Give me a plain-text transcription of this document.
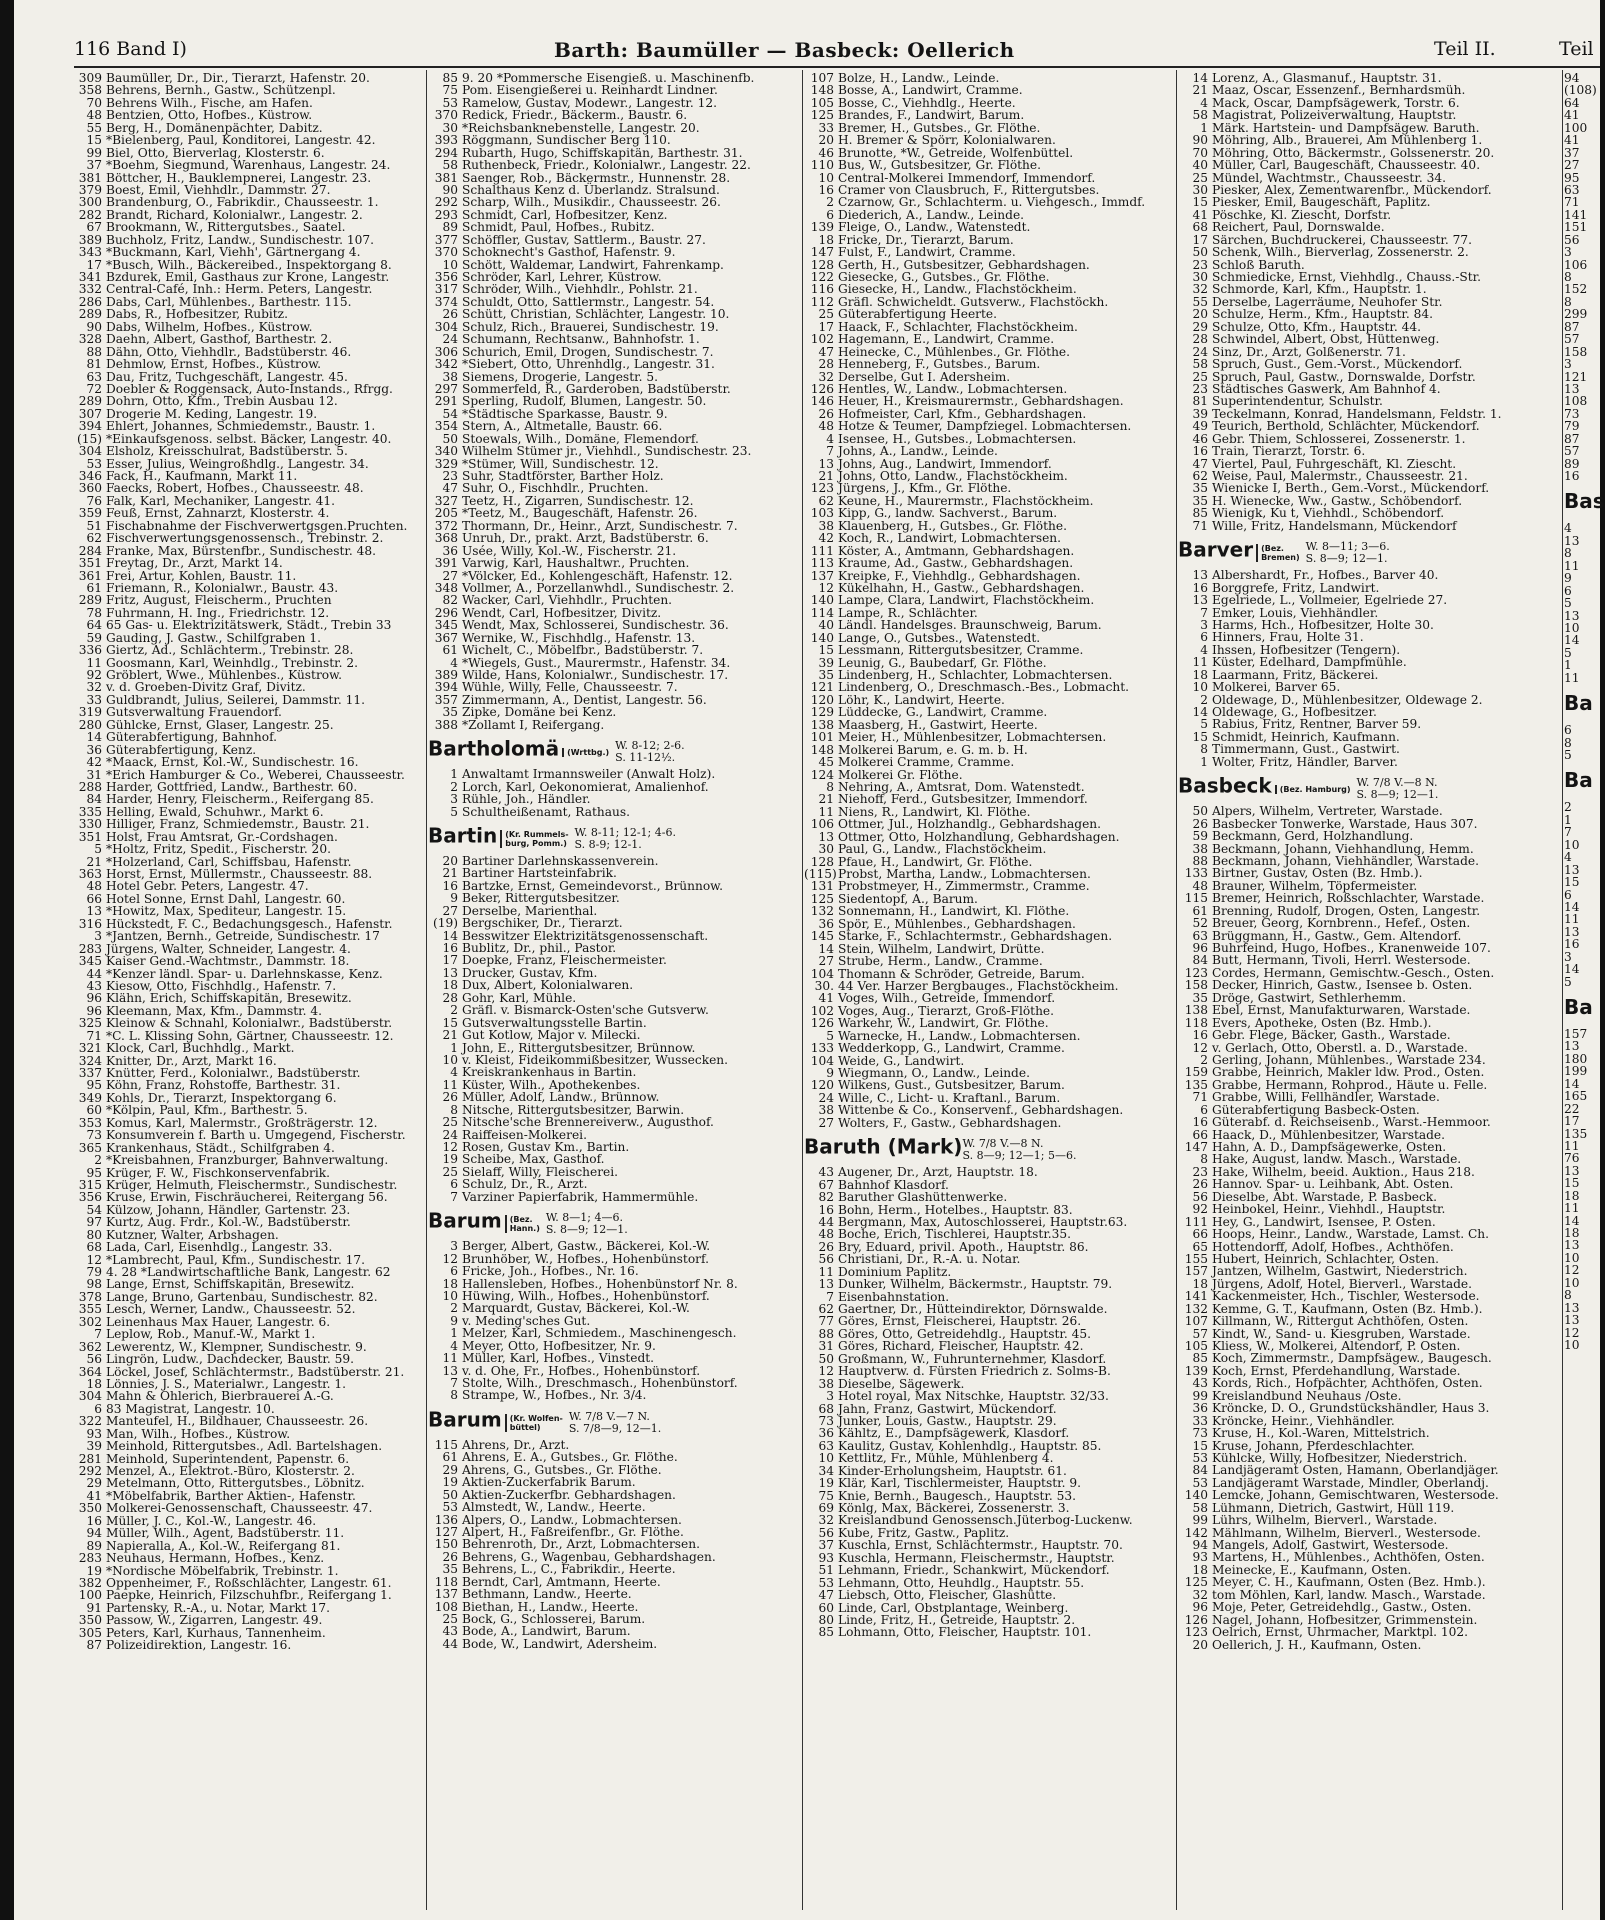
116 Band I)	Barth: Baumüller — Basbeck: Oellerich	Teil II.	Teil
309 Baumüller, Dr., Dir., Tierarzt, Hafenstr. 20.
358 Behrens, Bernh., Gastw., Schützenpl.
70 Behrens Wilh., Fische, am Hafen.
48 Bentzien, Otto, Hofbes., Küstrow.
55 Berg, H., Domänenpächter, Dabitz.
15 *Bielenberg, Paul, Konditorei, Langestr. 42.
99 Biel, Otto, Bierverlag, Klosterstr. 6.
37 *Boehm, Siegmund, Warenhaus, Langestr. 24.
381 Böttcher, H., Bauklempnerei, Langestr. 23.
379 Boest, Emil, Viehhdlr., Dammstr. 27.
300 Brandenburg, O., Fabrikdir., Chausseestr. 1.
282 Brandt, Richard, Kolonialwr., Langestr. 2.
67 Brookmann, W., Rittergutsbes., Saatel.
389 Buchholz, Fritz, Landw., Sundischestr. 107.
343 *Buckmann, Karl, Viehh', Gärtnergang 4.
17 *Busch, Wilh., Bäckereibed., Inspektorgang 8.
341 Bzdurek, Emil, Gasthaus zur Krone, Langestr.
332 Central-Café, Inh.: Herm. Peters, Langestr.
286 Dabs, Carl, Mühlenbes., Barthestr. 115.
289 Dabs, R., Hofbesitzer, Rubitz.
90 Dabs, Wilhelm, Hofbes., Küstrow.
328 Daehn, Albert, Gasthof, Barthestr. 2.
88 Dähn, Otto, Viehhdlr., Badstüberstr. 46.
81 Dehmlow, Ernst, Hofbes., Küstrow.
63 Dau, Fritz, Tuchgeschäft, Langestr. 45.
72 Doebler & Roggensack, Auto-Instands., Rfrgg.
289 Dohrn, Otto, Kfm., Trebin Ausbau 12.
307 Drogerie M. Keding, Langestr. 19.
394 Ehlert, Johannes, Schmiedemstr., Baustr. 1.
(15) *Einkaufsgenoss. selbst. Bäcker, Langestr. 40.
304 Elsholz, Kreisschulrat, Badstüberstr. 5.
53 Esser, Julius, Weingroßhdlg., Langestr. 34.
346 Fack, H., Kaufmann, Markt 11.
360 Faecks, Robert, Hofbes., Chausseestr. 48.
76 Falk, Karl, Mechaniker, Langestr. 41.
359 Feuß, Ernst, Zahnarzt, Klosterstr. 4.
51 Fischabnahme der Fischverwertgsgen.Pruchten.
62 Fischverwertungsgenossensch., Trebinstr. 2.
284 Franke, Max, Bürstenfbr., Sundischestr. 48.
351 Freytag, Dr., Arzt, Markt 14.
361 Frei, Artur, Kohlen, Baustr. 11.
61 Friemann, R., Kolonialwr., Baustr. 43.
289 Fritz, August, Fleischerm., Pruchten
78 Fuhrmann, H. Ing., Friedrichstr. 12.
64 65 Gas- u. Elektrizitätswerk, Städt., Trebin 33
59 Gauding, J. Gastw., Schilfgraben 1.
336 Giertz, Ad., Schlächterm., Trebinstr. 28.
11 Goosmann, Karl, Weinhdlg., Trebinstr. 2.
92 Gröblert, Wwe., Mühlenbes., Küstrow.
32 v. d. Groeben-Divitz Graf, Divitz.
33 Guldbrandt, Julius, Seilerei, Dammstr. 11.
319 Gutsverwaltung Frauendorf.
280 Gühlcke, Ernst, Glaser, Langestr. 25.
14 Güterabfertigung, Bahnhof.
36 Güterabfertigung, Kenz.
42 *Maack, Ernst, Kol.-W., Sundischestr. 16.
31 *Erich Hamburger & Co., Weberei, Chausseestr.
288 Harder, Gottfried, Landw., Barthestr. 60.
84 Harder, Henry, Fleischerm., Reifergang 85.
335 Helling, Ewald, Schuhwr., Markt 6.
330 Hilliger, Franz, Schmiedemstr., Baustr. 21.
351 Holst, Frau Amtsrat, Gr.-Cordshagen.
5 *Holtz, Fritz, Spedit., Fischerstr. 20.
21 *Holzerland, Carl, Schiffsbau, Hafenstr.
363 Horst, Ernst, Müllermstr., Chausseestr. 88.
48 Hotel Gebr. Peters, Langestr. 47.
66 Hotel Sonne, Ernst Dahl, Langestr. 60.
13 *Howitz, Max, Spediteur, Langestr. 15.
316 Hückstedt, F. C., Bedachungsgesch., Hafenstr.
3 *Jantzen, Bernh., Getreide, Sundischestr. 17
283 Jürgens, Walter, Schneider, Langestr. 4.
345 Kaiser Gend.-Wachtmstr., Dammstr. 18.
44 *Kenzer ländl. Spar- u. Darlehnskasse, Kenz.
43 Kiesow, Otto, Fischhdlg., Hafenstr. 7.
96 Klähn, Erich, Schiffskapitän, Bresewitz.
96 Kleemann, Max, Kfm., Dammstr. 4.
325 Kleinow & Schnahl, Kolonialwr., Badstüberstr.
71 *C. L. Klissing Sohn, Gärtner, Chausseestr. 12.
321 Klock, Carl, Buchhdlg., Markt.
324 Knitter, Dr., Arzt, Markt 16.
337 Knütter, Ferd., Kolonialwr., Badstüberstr.
95 Köhn, Franz, Rohstoffe, Barthestr. 31.
349 Kohls, Dr., Tierarzt, Inspektorgang 6.
60 *Kölpin, Paul, Kfm., Barthestr. 5.
353 Komus, Karl, Malermstr., Großträgerstr. 12.
73 Konsumverein f. Barth u. Umgegend, Fischerstr.
365 Krankenhaus, Städt., Schilfgraben 4.
2 *Kreisbahnen, Franzburger, Bahnverwaltung.
95 Krüger, F. W., Fischkonservenfabrik.
315 Krüger, Helmuth, Fleischermstr., Sundischestr.
356 Kruse, Erwin, Fischräucherei, Reitergang 56.
54 Külzow, Johann, Händler, Gartenstr. 23.
97 Kurtz, Aug. Frdr., Kol.-W., Badstüberstr.
80 Kutzner, Walter, Arbshagen.
68 Lada, Carl, Eisenhdlg., Langestr. 33.
12 *Lambrecht, Paul, Kfm., Sundischestr. 17.
79 4. 28 *Landwirtschaftliche Bank, Langestr. 62
98 Lange, Ernst, Schiffskapitän, Bresewitz.
378 Lange, Bruno, Gartenbau, Sundischestr. 82.
355 Lesch, Werner, Landw., Chausseestr. 52.
302 Leinenhaus Max Hauer, Langestr. 6.
7 Leplow, Rob., Manuf.-W., Markt 1.
362 Lewerentz, W., Klempner, Sundischestr. 9.
56 Lingrön, Ludw., Dachdecker, Baustr. 59.
364 Löckel, Josef, Schlächtermstr., Badstüberstr. 21.
18 Lönnies, J. S., Materialwr., Langestr. 1.
304 Mahn & Ohlerich, Bierbrauerei A.-G.
6 83 Magistrat, Langestr. 10.
322 Manteufel, H., Bildhauer, Chausseestr. 26.
93 Man, Wilh., Hofbes., Küstrow.
39 Meinhold, Rittergutsbes., Adl. Bartelshagen.
281 Meinhold, Superintendent, Papenstr. 6.
292 Menzel, A., Elektrot.-Büro, Klosterstr. 2.
29 Metelmann, Otto, Rittergutsbes., Löbnitz.
41 *Möbelfabrik, Barther Aktien-, Hafenstr.
350 Molkerei-Genossenschaft, Chausseestr. 47.
16 Müller, J. C., Kol.-W., Langestr. 46.
94 Müller, Wilh., Agent, Badstüberstr. 11.
89 Napieralla, A., Kol.-W., Reifergang 81.
283 Neuhaus, Hermann, Hofbes., Kenz.
19 *Nordische Möbelfabrik, Trebinstr. 1.
382 Oppenheimer, F., Roßschlächter, Langestr. 61.
100 Paepke, Heinrich, Filzschuhfbr., Reifergang 1.
91 Partensky, R.-A., u. Notar, Markt 17.
350 Passow, W., Zigarren, Langestr. 49.
305 Peters, Karl, Kurhaus, Tannenheim.
87 Polizeidirektion, Langestr. 16.
85 9. 20 *Pommersche Eisengieß. u. Maschinenfb.
75 Pom. Eisengießerei u. Reinhardt Lindner.
53 Ramelow, Gustav, Modewr., Langestr. 12.
370 Redick, Friedr., Bäckerm., Baustr. 6.
30 *Reichsbanknebenstelle, Langestr. 20.
393 Röggmann, Sundischer Berg 110.
294 Rubarth, Hugo, Schiffskapitän, Barthestr. 31.
58 Ruthenbeck, Friedr., Kolonialwr., Langestr. 22.
381 Saenger, Rob., Bäckermstr., Hunnenstr. 28.
90 Schalthaus Kenz d. Überlandz. Stralsund.
292 Scharp, Wilh., Musikdir., Chausseestr. 26.
293 Schmidt, Carl, Hofbesitzer, Kenz.
89 Schmidt, Paul, Hofbes., Rubitz.
377 Schöffler, Gustav, Sattlerm., Baustr. 27.
370 Schoknecht's Gasthof, Hafenstr. 9.
10 Schött, Waldemar, Landwirt, Fahrenkamp.
356 Schröder, Karl, Lehrer, Küstrow.
317 Schröder, Wilh., Viehhdlr., Pohlstr. 21.
374 Schuldt, Otto, Sattlermstr., Langestr. 54.
26 Schütt, Christian, Schlächter, Langestr. 10.
304 Schulz, Rich., Brauerei, Sundischestr. 19.
24 Schumann, Rechtsanw., Bahnhofstr. 1.
306 Schurich, Emil, Drogen, Sundischestr. 7.
342 *Siebert, Otto, Uhrenhdlg., Langestr. 31.
38 Siemens, Drogerie, Langestr. 5.
297 Sommerfeld, R., Garderoben, Badstüberstr.
291 Sperling, Rudolf, Blumen, Langestr. 50.
54 *Städtische Sparkasse, Baustr. 9.
354 Stern, A., Altmetalle, Baustr. 66.
50 Stoewals, Wilh., Domäne, Flemendorf.
340 Wilhelm Stümer jr., Viehhdl., Sundischestr. 23.
329 *Stümer, Will, Sundischestr. 12.
23 Suhr, Stadtförster, Barther Holz.
47 Suhr, O., Fischhdlr., Pruchten.
327 Teetz, H., Zigarren, Sundischestr. 12.
205 *Teetz, M., Baugeschäft, Hafenstr. 26.
372 Thormann, Dr., Heinr., Arzt, Sundischestr. 7.
368 Unruh, Dr., prakt. Arzt, Badstüberstr. 6.
36 Usée, Willy, Kol.-W., Fischerstr. 21.
391 Varwig, Karl, Haushaltwr., Pruchten.
27 *Völcker, Ed., Kohlengeschäft, Hafenstr. 12.
348 Vollmer, A., Porzellanwhdl., Sundischestr. 2.
82 Wacker, Carl, Viehhdlr., Pruchten.
296 Wendt, Carl, Hofbesitzer, Divitz.
345 Wendt, Max, Schlosserei, Sundischestr. 36.
367 Wernike, W., Fischhdlg., Hafenstr. 13.
61 Wichelt, C., Möbelfbr., Badstüberstr. 7.
4 *Wiegels, Gust., Maurermstr., Hafenstr. 34.
389 Wilde, Hans, Kolonialwr., Sundischestr. 17.
394 Wühle, Willy, Felle, Chausseestr. 7.
357 Zimmermann, A., Dentist, Langestr. 56.
35 Zipke, Domäne bei Kenz.
388 *Zollamt I, Reifergang.
Bartholomä (Wrttbg.) W. 8-12; 2-6.
S. 11-12½.
1 Anwaltamt Irmannsweiler (Anwalt Holz).
2 Lorch, Karl, Oekonomierat, Amalienhof.
3 Rühle, Joh., Händler.
5 Schultheißenamt, Rathaus.
Bartin (Kr. Rummels-
burg, Pomm.)W. 8-11; 12-1; 4-6.
S. 8-9; 12-1.
20 Bartiner Darlehnskassenverein.
21 Bartiner Hartsteinfabrik.
16 Bartzke, Ernst, Gemeindevorst., Brünnow.
9 Beker, Rittergutsbesitzer.
27 Derselbe, Marienthal.
(19) Bergschiker, Dr., Tierarzt.
14 Besswitzer Elektrizitätsgenossenschaft.
16 Bublitz, Dr., phil., Pastor.
17 Doepke, Franz, Fleischermeister.
13 Drucker, Gustav, Kfm.
18 Dux, Albert, Kolonialwaren.
28 Gohr, Karl, Mühle.
2 Gräfl. v. Bismarck-Osten'sche Gutsverw.
15 Gutsverwaltungsstelle Bartin.
21 Gut Kotlow, Major v. Milecki.
1 John, E., Rittergutsbesitzer, Brünnow.
10 v. Kleist, Fideikommißbesitzer, Wussecken.
4 Kreiskrankenhaus in Bartin.
11 Küster, Wilh., Apothekenbes.
26 Müller, Adolf, Landw., Brünnow.
8 Nitsche, Rittergutsbesitzer, Barwin.
25 Nitsche'sche Brennereiverw., Augusthof.
24 Raiffeisen-Molkerei.
12 Rosen, Gustav Km., Bartin.
19 Scheibe, Max, Gasthof.
25 Sielaff, Willy, Fleischerei.
6 Schulz, Dr., R., Arzt.
7 Varziner Papierfabrik, Hammermühle.
Barum (Bez.
Hann.)W. 8—1; 4—6.
S. 8—9; 12—1.
3 Berger, Albert, Gastw., Bäckerei, Kol.-W.
12 Brunhöber, W., Hofbes., Hohenbünstorf.
6 Fricke, Joh., Hofbes., Nr. 16.
18 Hallensleben, Hofbes., Hohenbünstorf Nr. 8.
10 Hüwing, Wilh., Hofbes., Hohenbünstorf.
2 Marquardt, Gustav, Bäckerei, Kol.-W.
9 v. Meding'sches Gut.
1 Melzer, Karl, Schmiedem., Maschinengesch.
4 Meyer, Otto, Hofbesitzer, Nr. 9.
11 Müller, Karl, Hofbes., Vinstedt.
13 v. d. Ohe, Fr., Hofbes., Hohenbünstorf.
7 Stolte, Wilh., Dreschmasch., Hohenbünstorf.
8 Strampe, W., Hofbes., Nr. 3/4.
Barum (Kr. Wolfen-
büttel)W. 7/8 V.—7 N.
S. 7/8—9, 12—1.
115 Ahrens, Dr., Arzt.
61 Ahrens, E. A., Gutsbes., Gr. Flöthe.
29 Ahrens, G., Gutsbes., Gr. Flöthe.
19 Aktien-Zuckerfabrik Barum.
50 Aktien-Zuckerfbr. Gebhardshagen.
53 Almstedt, W., Landw., Heerte.
136 Alpers, O., Landw., Lobmachtersen.
127 Alpert, H., Faßreifenfbr., Gr. Flöthe.
150 Behrenroth, Dr., Arzt, Lobmachtersen.
26 Behrens, G., Wagenbau, Gebhardshagen.
35 Behrens, L., C., Fabrikdir., Heerte.
118 Berndt, Carl, Amtmann, Heerte.
137 Bethmann, Landw., Heerte.
108 Biethan, H., Landw., Heerte.
25 Bock, G., Schlosserei, Barum.
43 Bode, A., Landwirt, Barum.
44 Bode, W., Landwirt, Adersheim.
107 Bolze, H., Landw., Leinde.
148 Bosse, A., Landwirt, Cramme.
105 Bosse, C., Viehhdlg., Heerte.
125 Brandes, F., Landwirt, Barum.
33 Bremer, H., Gutsbes., Gr. Flöthe.
20 H. Bremer & Spörr, Kolonialwaren.
46 Brunotte, *W., Getreide, Wolfenbüttel.
110 Bus, W., Gutsbesitzer, Gr. Flöthe.
10 Central-Molkerei Immendorf, Immendorf.
16 Cramer von Clausbruch, F., Rittergutsbes.
2 Czarnow, Gr., Schlachterm. u. Viehgesch., Immdf.
6 Diederich, A., Landw., Leinde.
139 Fleige, O., Landw., Watenstedt.
18 Fricke, Dr., Tierarzt, Barum.
147 Fulst, F., Landwirt, Cramme.
128 Gerth, H., Gutsbesitzer, Gebhardshagen.
122 Giesecke, G., Gutsbes., Gr. Flöthe.
116 Giesecke, H., Landw., Flachstöckheim.
112 Gräfl. Schwicheldt. Gutsverw., Flachstöckh.
25 Güterabfertigung Heerte.
17 Haack, F., Schlachter, Flachstöckheim.
102 Hagemann, E., Landwirt, Cramme.
47 Heinecke, C., Mühlenbes., Gr. Flöthe.
28 Henneberg, F., Gutsbes., Barum.
32 Derselbe, Gut I. Adersheim.
126 Hentles, W., Landw., Lobmachtersen.
146 Heuer, H., Kreismaurermstr., Gebhardshagen.
26 Hofmeister, Carl, Kfm., Gebhardshagen.
48 Hotze & Teumer, Dampfziegel. Lobmachtersen.
4 Isensee, H., Gutsbes., Lobmachtersen.
7 Johns, A., Landw., Leinde.
13 Johns, Aug., Landwirt, Immendorf.
21 Johns, Otto, Landw., Flachstöckheim.
123 Jürgens, J., Kfm., Gr. Flöthe.
62 Keune, H., Maurermstr., Flachstöckheim.
103 Kipp, G., landw. Sachverst., Barum.
38 Klauenberg, H., Gutsbes., Gr. Flöthe.
42 Koch, R., Landwirt, Lobmachtersen.
111 Köster, A., Amtmann, Gebhardshagen.
113 Kraume, Ad., Gastw., Gebhardshagen.
137 Kreipke, F., Viehhdlg., Gebhardshagen.
12 Kükelhahn, H., Gastw., Gebhardshagen.
140 Lampe, Clara, Landwirt, Flachstöckheim.
114 Lampe, R., Schlächter.
40 Ländl. Handelsges. Braunschweig, Barum.
140 Lange, O., Gutsbes., Watenstedt.
15 Lessmann, Rittergutsbesitzer, Cramme.
39 Leunig, G., Baubedarf, Gr. Flöthe.
35 Lindenberg, H., Schlachter, Lobmachtersen.
121 Lindenberg, O., Dreschmasch.-Bes., Lobmacht.
120 Löhr, K., Landwirt, Heerte.
129 Lüddecke, G., Landwirt, Cramme.
138 Maasberg, H., Gastwirt, Heerte.
101 Meier, H., Mühlenbesitzer, Lobmachtersen.
148 Molkerei Barum, e. G. m. b. H.
45 Molkerei Cramme, Cramme.
124 Molkerei Gr. Flöthe.
8 Nehring, A., Amtsrat, Dom. Watenstedt.
21 Niehoff, Ferd., Gutsbesitzer, Immendorf.
11 Niens, R., Landwirt, Kl. Flöthe.
106 Ottmer, Jul., Holzhandlg., Gebhardshagen.
13 Ottmer, Otto, Holzhandlung, Gebhardshagen.
30 Paul, G., Landw., Flachstöckheim.
128 Pfaue, H., Landwirt, Gr. Flöthe.
(115)Probst, Martha, Landw., Lobmachtersen.
131 Probstmeyer, H., Zimmermstr., Cramme.
125 Siedentopf, A., Barum.
132 Sonnemann, H., Landwirt, Kl. Flöthe.
36 Spör, E., Mühlenbes., Gebhardshagen.
145 Starke, F., Schlachtermstr., Gebhardshagen.
14 Stein, Wilhelm, Landwirt, Drütte.
27 Strube, Herm., Landw., Cramme.
104 Thomann & Schröder, Getreide, Barum.
30. 44 Ver. Harzer Bergbauges., Flachstöckheim.
41 Voges, Wilh., Getreide, Immendorf.
102 Voges, Aug., Tierarzt, Groß-Flöthe.
126 Warkehr, W., Landwirt, Gr. Flöthe.
5 Warnecke, H., Landw., Lobmachtersen.
133 Wedderkopp, G., Landwirt, Cramme.
104 Weide, G., Landwirt.
9 Wiegmann, O., Landw., Leinde.
120 Wilkens, Gust., Gutsbesitzer, Barum.
24 Wille, C., Licht- u. Kraftanl., Barum.
38 Wittenbe & Co., Konservenf., Gebhardshagen.
27 Wolters, F., Gastw., Gebhardshagen.
Baruth (Mark)W. 7/8 V.—8 N.
S. 8—9; 12—1; 5—6.
43 Augener, Dr., Arzt, Hauptstr. 18.
67 Bahnhof Klasdorf.
82 Baruther Glashüttenwerke.
16 Bohn, Herm., Hotelbes., Hauptstr. 83.
44 Bergmann, Max, Autoschlosserei, Hauptstr.63.
48 Boche, Erich, Tischlerei, Hauptstr.35.
26 Bry, Eduard, privil. Apoth., Hauptstr. 86.
56 Christiani, Dr., R.-A. u. Notar.
11 Dominium Paplitz.
13 Dunker, Wilhelm, Bäckermstr., Hauptstr. 79.
7 Eisenbahnstation.
62 Gaertner, Dr., Hütteindirektor, Dörnswalde.
77 Göres, Ernst, Fleischerei, Hauptstr. 26.
88 Göres, Otto, Getreidehdlg., Hauptstr. 45.
31 Göres, Richard, Fleischer, Hauptstr. 42.
50 Großmann, W., Fuhrunternehmer, Klasdorf.
12 Hauptverw. d. Fürsten Friedrich z. Solms-B.
38 Dieselbe, Sägewerk.
3 Hotel royal, Max Nitschke, Hauptstr. 32/33.
68 Jahn, Franz, Gastwirt, Mückendorf.
73 Junker, Louis, Gastw., Hauptstr. 29.
36 Kähltz, E., Dampfsägewerk, Klasdorf.
63 Kaulitz, Gustav, Kohlenhdlg., Hauptstr. 85.
10 Kettlitz, Fr., Mühle, Mühlenberg 4.
34 Kinder-Erholungsheim, Hauptstr. 61.
19 Klär, Karl, Tischlermeister, Hauptstr. 9.
75 Knie, Bernh., Baugesch., Hauptstr. 53.
69 Könlg, Max, Bäckerei, Zossenerstr. 3.
32 Kreislandbund Genossensch.Jüterbog-Luckenw.
56 Kube, Fritz, Gastw., Paplitz.
37 Kuschla, Ernst, Schlächtermstr., Hauptstr. 70.
93 Kuschla, Hermann, Fleischermstr., Hauptstr.
51 Lehmann, Friedr., Schankwirt, Mückendorf.
53 Lehmann, Otto, Heuhdlg., Hauptstr. 55.
47 Liebsch, Otto, Fleischer, Glashütte.
60 Linde, Carl, Obstplantage, Weinberg.
80 Linde, Fritz, H., Getreide, Hauptstr. 2.
85 Lohmann, Otto, Fleischer, Hauptstr. 101.
14 Lorenz, A., Glasmanuf., Hauptstr. 31.
21 Maaz, Oscar, Essenzenf., Bernhardsmüh.
4 Mack, Oscar, Dampfsägewerk, Torstr. 6.
58 Magistrat, Polizeiverwaltung, Hauptstr.
1 Märk. Hartstein- und Dampfsägew. Baruth.
90 Möhring, Alb., Brauerei, Am Mühlenberg 1.
70 Möhring, Otto, Bäckermstr., Golssenerstr. 20.
40 Müller, Carl, Baugeschäft, Chausseestr. 40.
25 Mündel, Wachtmstr., Chausseestr. 34.
30 Piesker, Alex, Zementwarenfbr., Mückendorf.
15 Piesker, Emil, Baugeschäft, Paplitz.
41 Pöschke, Kl. Ziescht, Dorfstr.
68 Reichert, Paul, Dornswalde.
17 Särchen, Buchdruckerei, Chausseestr. 77.
50 Schenk, Wilh., Bierverlag, Zossenerstr. 2.
23 Schloß Baruth.
30 Schmiedicke, Ernst, Viehhdlg., Chauss.-Str.
32 Schmorde, Karl, Kfm., Hauptstr. 1.
55 Derselbe, Lagerräume, Neuhofer Str.
20 Schulze, Herm., Kfm., Hauptstr. 84.
29 Schulze, Otto, Kfm., Hauptstr. 44.
28 Schwindel, Albert, Obst, Hüttenweg.
24 Sinz, Dr., Arzt, Golßenerstr. 71.
58 Spruch, Gust., Gem.-Vorst., Mückendorf.
25 Spruch, Paul, Gastw., Dornswalde, Dorfstr.
23 Städtisches Gaswerk, Am Bahnhof 4.
81 Superintendentur, Schulstr.
39 Teckelmann, Konrad, Handelsmann, Feldstr. 1.
49 Teurich, Berthold, Schlächter, Mückendorf.
46 Gebr. Thiem, Schlosserei, Zossenerstr. 1.
16 Train, Tierarzt, Torstr. 6.
47 Viertel, Paul, Fuhrgeschäft, Kl. Ziescht.
62 Weise, Paul, Malermstr., Chausseestr. 21.
35 Wienicke I, Berth., Gem.-Vorst., Mückendorf.
35 H. Wienecke, Ww., Gastw., Schöbendorf.
85 Wienigk, Ku t, Viehhdl., Schöbendorf.
71 Wille, Fritz, Handelsmann, Mückendorf
Barver (Bez.
Bremen)W. 8—11; 3—6.
S. 8—9; 12—1.
13 Albershardt, Fr., Hofbes., Barver 40.
16 Borggrefe, Fritz, Landwirt.
13 Egelriede, L., Vollmeier, Egelriede 27.
7 Emker, Louis, Viehhändler.
3 Harms, Hch., Hofbesitzer, Holte 30.
6 Hinners, Frau, Holte 31.
4 Ihssen, Hofbesitzer (Tengern).
11 Küster, Edelhard, Dampfmühle.
18 Laarmann, Fritz, Bäckerei.
10 Molkerei, Barver 65.
2 Oldewage, D., Mühlenbesitzer, Oldewage 2.
14 Oldewage, G., Hofbesitzer.
5 Rabius, Fritz, Rentner, Barver 59.
15 Schmidt, Heinrich, Kaufmann.
8 Timmermann, Gust., Gastwirt.
1 Wolter, Fritz, Händler, Barver.
Basbeck (Bez. Hamburg) W. 7/8 V.—8 N.
S. 8—9; 12—1.
50 Alpers, Wilhelm, Vertreter, Warstade.
26 Basbecker Tonwerke, Warstade, Haus 307.
59 Beckmann, Gerd, Holzhandlung.
38 Beckmann, Johann, Viehhandlung, Hemm.
88 Beckmann, Johann, Viehhändler, Warstade.
133 Birtner, Gustav, Osten (Bz. Hmb.).
48 Brauner, Wilhelm, Töpfermeister.
115 Bremer, Heinrich, Roßschlachter, Warstade.
61 Brenning, Rudolf, Drogen, Osten, Langestr.
52 Breuer, Georg, Kornbrenn., Hefef., Osten.
63 Brüggmann, H., Gastw., Gem. Altendorf.
96 Buhrfeind, Hugo, Hofbes., Kranenweide 107.
84 Butt, Hermann, Tivoli, Herrl. Westersode.
123 Cordes, Hermann, Gemischtw.-Gesch., Osten.
158 Decker, Hinrich, Gastw., Isensee b. Osten.
35 Dröge, Gastwirt, Sethlerhemm.
138 Ebel, Ernst, Manufakturwaren, Warstade.
118 Evers, Apotheke, Osten (Bz. Hmb.).
16 Gebr. Flege, Bäcker, Gasth., Warstade.
12 v. Gerlach, Otto, Oberstl. a. D., Warstade.
2 Gerling, Johann, Mühlenbes., Warstade 234.
159 Grabbe, Heinrich, Makler ldw. Prod., Osten.
135 Grabbe, Hermann, Rohprod., Häute u. Felle.
71 Grabbe, Willi, Fellhändler, Warstade.
6 Güterabfertigung Basbeck-Osten.
16 Güterabf. d. Reichseisenb., Warst.-Hemmoor.
66 Haack, D., Mühlenbesitzer, Warstade.
147 Hahn, A. D., Dampfsägewerke, Osten.
8 Hake, August, landw. Masch., Warstade.
23 Hake, Wilhelm, beeid. Auktion., Haus 218.
26 Hannov. Spar- u. Leihbank, Abt. Osten.
56 Dieselbe, Abt. Warstade, P. Basbeck.
92 Heinbokel, Heinr., Viehhdl., Hauptstr.
111 Hey, G., Landwirt, Isensee, P. Osten.
66 Hoops, Heinr., Landw., Warstade, Lamst. Ch.
65 Hottendorff, Adolf, Hofbes., Achthöfen.
155 Hubert, Heinrich, Schlachter, Osten.
157 Jantzen, Wilhelm, Gastwirt, Niederstrich.
18 Jürgens, Adolf, Hotel, Bierverl., Warstade.
141 Kackenmeister, Hch., Tischler, Westersode.
132 Kemme, G. T., Kaufmann, Osten (Bz. Hmb.).
107 Killmann, W., Rittergut Achthöfen, Osten.
57 Kindt, W., Sand- u. Kiesgruben, Warstade.
105 Kliess, W., Molkerei, Altendorf, P. Osten.
85 Koch, Zimmermstr., Dampfsägew., Baugesch.
139 Koch, Ernst, Pferdehandlung, Warstade.
43 Kords, Rich., Hofpächter, Achthöfen, Osten.
99 Kreislandbund Neuhaus /Oste.
36 Kröncke, D. O., Grundstückshändler, Haus 3.
33 Kröncke, Heinr., Viehhändler.
73 Kruse, H., Kol.-Waren, Mittelstrich.
15 Kruse, Johann, Pferdeschlachter.
53 Kühlcke, Willy, Hofbesitzer, Niederstrich.
84 Landjägeramt Osten, Hamann, Oberlandjäger.
53 Landjägeramt Warstade, Mindler, Oberlandj.
140 Lemcke, Johann, Gemischtwaren, Westersode.
58 Lühmann, Dietrich, Gastwirt, Hüll 119.
99 Lührs, Wilhelm, Bierverl., Warstade.
142 Mählmann, Wilhelm, Bierverl., Westersode.
94 Mangels, Adolf, Gastwirt, Westersode.
93 Martens, H., Mühlenbes., Achthöfen, Osten.
18 Meinecke, E., Kaufmann, Osten.
125 Meyer, C. H., Kaufmann, Osten (Bez. Hmb.).
32 tom Möhlen, Karl, landw. Masch., Warstade.
96 Moje, Peter, Getreidehdlg., Gastw., Osten.
126 Nagel, Johann, Hofbesitzer, Grimmenstein.
123 Oelrich, Ernst, Uhrmacher, Marktpl. 102.
20 Oellerich, J. H., Kaufmann, Osten.
94
(108)
64
41
100
41
37
27
95
63
71
141
151
56
3
106
8
152
8
299
87
57
158
3
121
13
108
73
79
87
57
89
16
Bas
4
13
8
11
9
6
5
13
10
14
5
1
11
Ba
6
8
5
Ba
2
1
7
10
4
13
15
6
14
11
13
16
3
14
5
Ba
157
13
180
199
14
165
22
17
135
11
76
13
15
18
11
14
18
13
10
12
10
8
13
13
12
10
